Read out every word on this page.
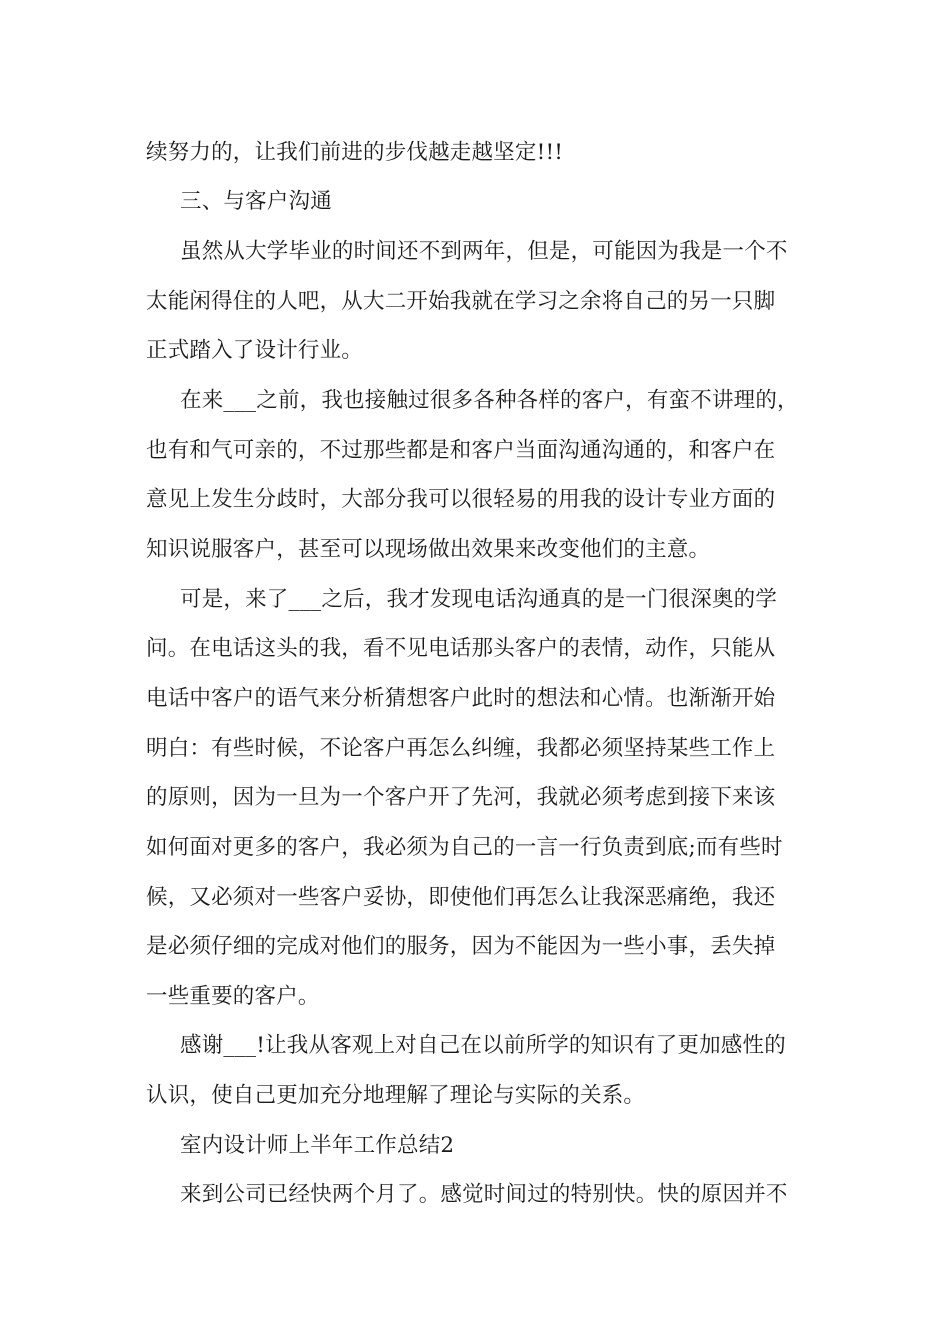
续努力的，让我们前进的步伐越走越坚定!!!
三、与客户沟通
虽然从大学毕业的时间还不到两年，但是，可能因为我是一个不
太能闲得住的人吧，从大二开始我就在学习之余将自己的另一只脚
正式踏入了设计行业。
在来___之前，我也接触过很多各种各样的客户，有蛮不讲理的，
也有和气可亲的，不过那些都是和客户当面沟通沟通的，和客户在
意见上发生分歧时，大部分我可以很轻易的用我的设计专业方面的
知识说服客户，甚至可以现场做出效果来改变他们的主意。
可是，来了___之后，我才发现电话沟通真的是一门很深奥的学
问。在电话这头的我，看不见电话那头客户的表情，动作，只能从
电话中客户的语气来分析猜想客户此时的想法和心情。也渐渐开始
明白：有些时候，不论客户再怎么纠缠，我都必须坚持某些工作上
的原则，因为一旦为一个客户开了先河，我就必须考虑到接下来该
如何面对更多的客户，我必须为自己的一言一行负责到底;而有些时
候，又必须对一些客户妥协，即使他们再怎么让我深恶痛绝，我还
是必须仔细的完成对他们的服务，因为不能因为一些小事，丢失掉
一些重要的客户。
感谢___!让我从客观上对自己在以前所学的知识有了更加感性的
认识，使自己更加充分地理解了理论与实际的关系。
室内设计师上半年工作总结2
来到公司已经快两个月了。感觉时间过的特别快。快的原因并不
